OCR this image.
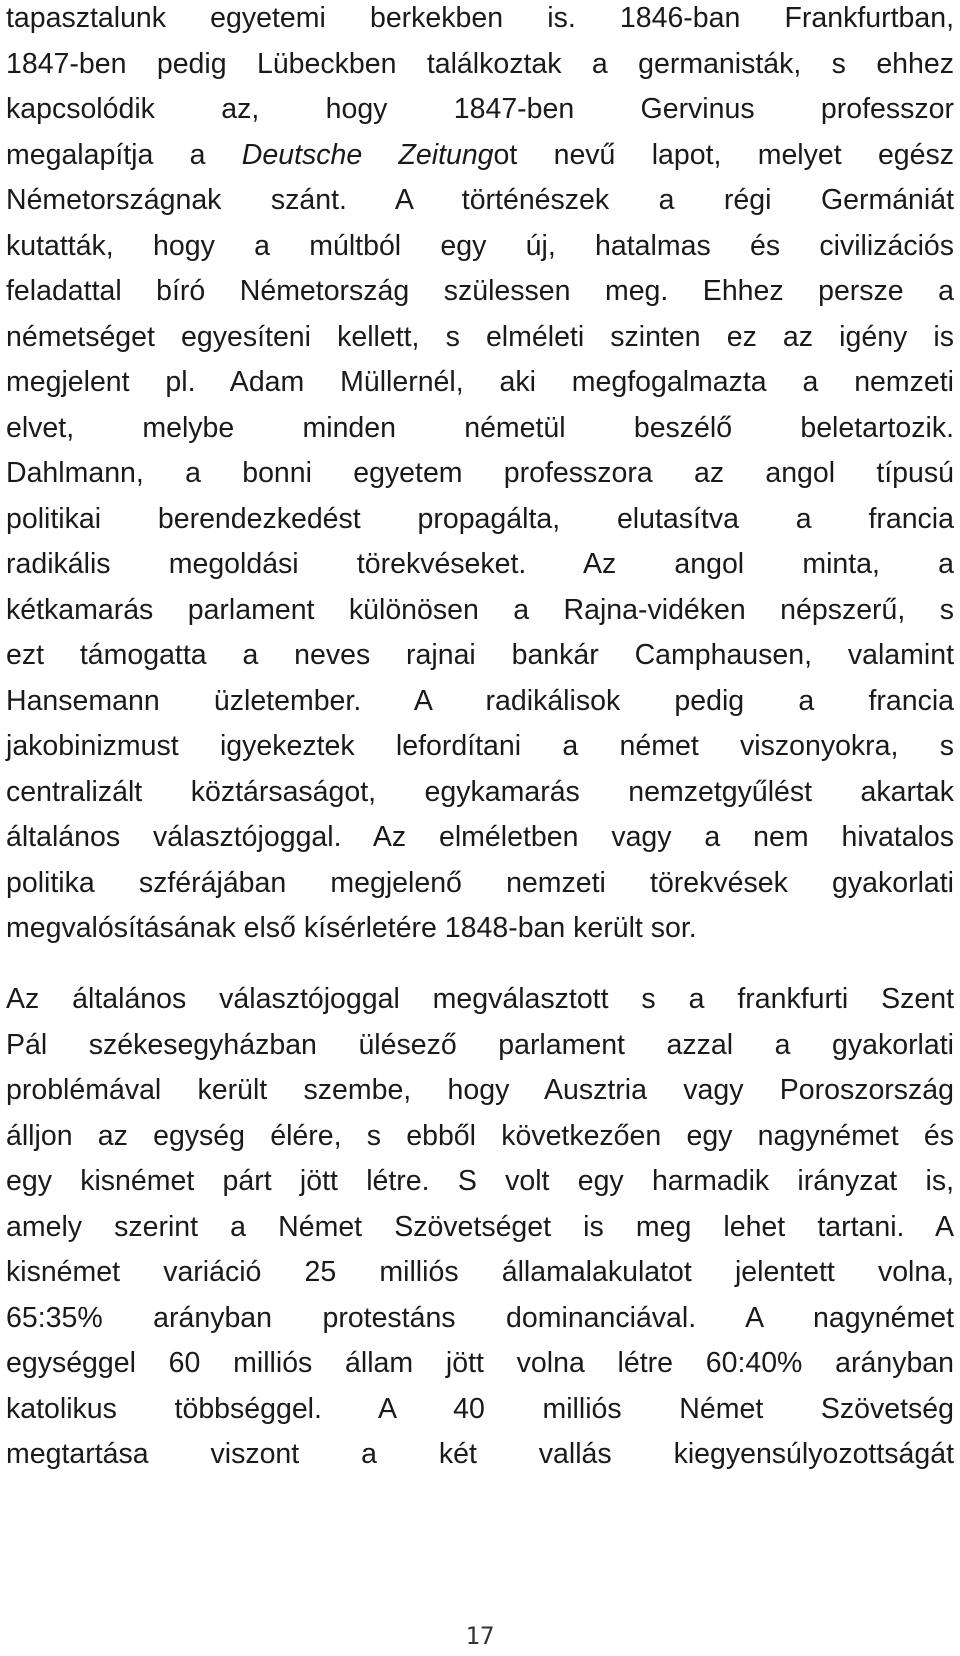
tapasztalunk egyetemi berkekben is. 1846-ban Frankfurtban,
1847-ben pedig Lübeckben találkoztak a germanisták, s ehhez
kapcsolódik az, hogy 1847-ben Gervinus professzor
megalapítja a Deutsche Zeitungot nevű lapot, melyet egész
Németországnak szánt. A történészek a régi Germániát
kutatták, hogy a múltból egy új, hatalmas és civilizációs
feladattal bíró Németország szülessen meg. Ehhez persze a
németséget egyesíteni kellett, s elméleti szinten ez az igény is
megjelent pl. Adam Müllernél, aki megfogalmazta a nemzeti
elvet, melybe minden németül beszélő beletartozik.
Dahlmann, a bonni egyetem professzora az angol típusú
politikai berendezkedést propagálta, elutasítva a francia
radikális megoldási törekvéseket. Az angol minta, a
kétkamarás parlament különösen a Rajna-vidéken népszerű, s
ezt támogatta a neves rajnai bankár Camphausen, valamint
Hansemann üzletember. A radikálisok pedig a francia
jakobinizmust igyekeztek lefordítani a német viszonyokra, s
centralizált köztársaságot, egykamarás nemzetgyűlést akartak
általános választójoggal. Az elméletben vagy a nem hivatalos
politika szférájában megjelenő nemzeti törekvések gyakorlati
megvalósításának első kísérletére 1848-ban került sor.

Az általános választójoggal megválasztott s a frankfurti Szent
Pál székesegyházban ülésező parlament azzal a gyakorlati
problémával került szembe, hogy Ausztria vagy Poroszország
álljon az egység élére, s ebből következően egy nagynémet és
egy kisnémet párt jött létre. S volt egy harmadik irányzat is,
amely szerint a Német Szövetséget is meg lehet tartani. A
kisnémet variáció 25 milliós államalakulatot jelentett volna,
65:35% arányban protestáns dominanciával. A nagynémet
egységgel 60 milliós állam jött volna létre 60:40% arányban
katolikus többséggel. A 40 milliós Német Szövetség
megtartása viszont a két vallás kiegyensúlyozottságát

17
